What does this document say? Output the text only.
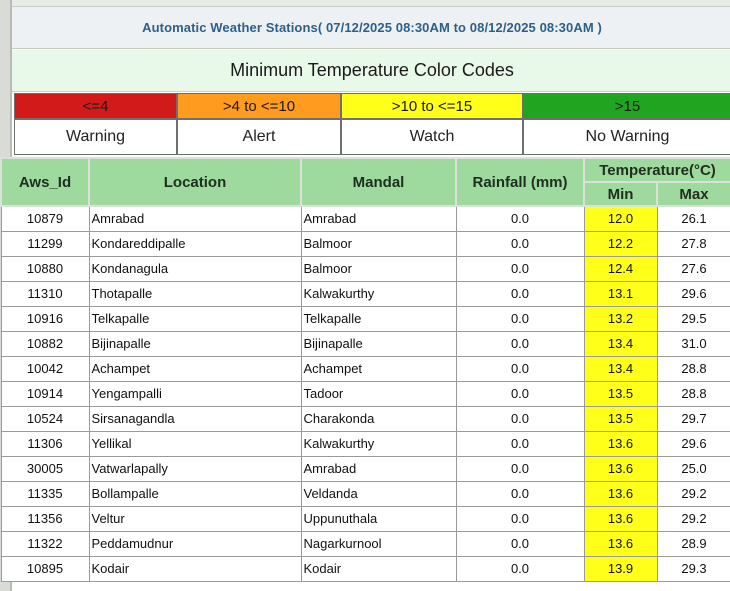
Automatic Weather Stations( 07/12/2025 08:30AM to 08/12/2025 08:30AM )
Minimum Temperature Color Codes
<=4	>4 to <=10	>10 to <=15	>15
Warning	Alert	Watch	No Warning
Aws_Id	Location	Mandal	Rainfall (mm)	Temperature(°C)	
				Min	Max
10879	Amrabad	Amrabad	0.0	12.0	26.1
11299	Kondareddipalle	Balmoor	0.0	12.2	27.8
10880	Kondanagula	Balmoor	0.0	12.4	27.6
11310	Thotapalle	Kalwakurthy	0.0	13.1	29.6
10916	Telkapalle	Telkapalle	0.0	13.2	29.5
10882	Bijinapalle	Bijinapalle	0.0	13.4	31.0
10042	Achampet	Achampet	0.0	13.4	28.8
10914	Yengampalli	Tadoor	0.0	13.5	28.8
10524	Sirsanagandla	Charakonda	0.0	13.5	29.7
11306	Yellikal	Kalwakurthy	0.0	13.6	29.6
30005	Vatwarlapally	Amrabad	0.0	13.6	25.0
11335	Bollampalle	Veldanda	0.0	13.6	29.2
11356	Veltur	Uppunuthala	0.0	13.6	29.2
11322	Peddamudnur	Nagarkurnool	0.0	13.6	28.9
10895	Kodair	Kodair	0.0	13.9	29.3
